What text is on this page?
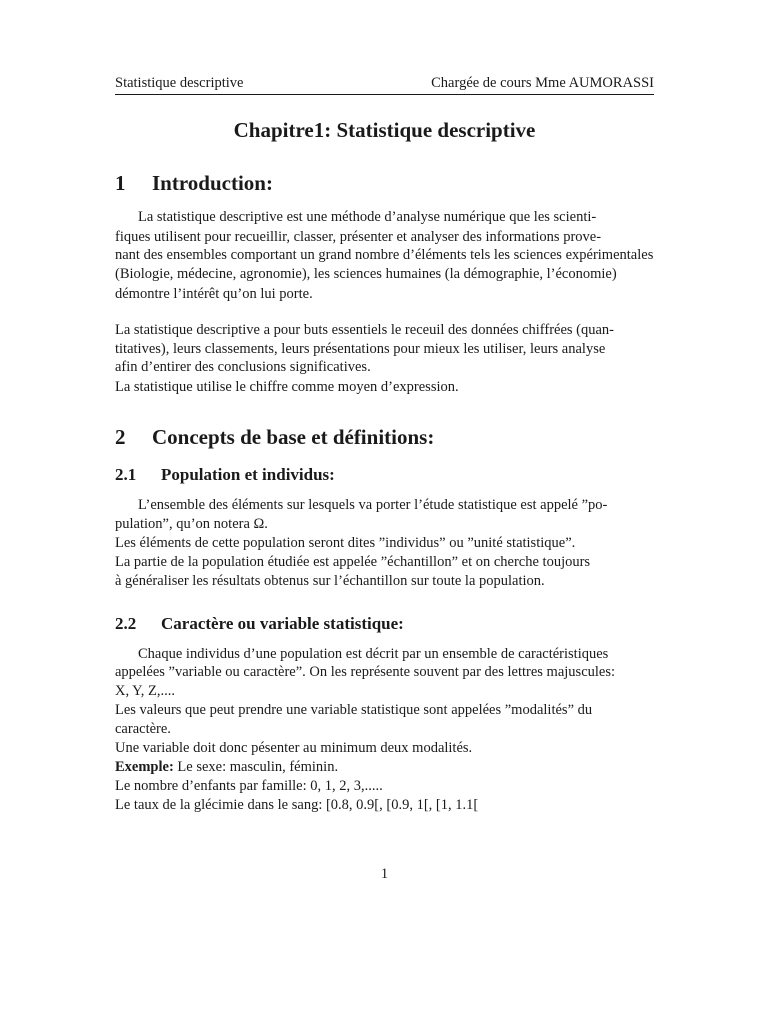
Statistique descriptive	Chargée de cours Mme AUMORASSI
Chapitre1: Statistique descriptive
1 Introduction:
La statistique descriptive est une méthode d’analyse numérique que les scienti-
fiques utilisent pour recueillir, classer, présenter et analyser des informations prove-
nant des ensembles comportant un grand nombre d’éléments tels les sciences expérimentales
(Biologie, médecine, agronomie), les sciences humaines (la démographie, l’économie)
démontre l’intérêt qu’on lui porte.
La statistique descriptive a pour buts essentiels le receuil des données chiffrées (quan-
titatives), leurs classements, leurs présentations pour mieux les utiliser, leurs analyse
afin d’entirer des conclusions significatives.
La statistique utilise le chiffre comme moyen d’expression.
2 Concepts de base et définitions:
2.1 Population et individus:
L’ensemble des éléments sur lesquels va porter l’étude statistique est appelé ”po-
pulation”, qu’on notera Ω.
Les éléments de cette population seront dites ”individus” ou ”unité statistique”.
La partie de la population étudiée est appelée ”échantillon” et on cherche toujours
à généraliser les résultats obtenus sur l’échantillon sur toute la population.
2.2 Caractère ou variable statistique:
Chaque individus d’une population est décrit par un ensemble de caractéristiques
appelées ”variable ou caractère”. On les représente souvent par des lettres majuscules:
X, Y, Z,....
Les valeurs que peut prendre une variable statistique sont appelées ”modalités” du
caractère.
Une variable doit donc pésenter au minimum deux modalités.
Exemple: Le sexe: masculin, féminin.
Le nombre d’enfants par famille: 0, 1, 2, 3,.....
Le taux de la glécimie dans le sang: [0.8, 0.9[, [0.9, 1[, [1, 1.1[
1
